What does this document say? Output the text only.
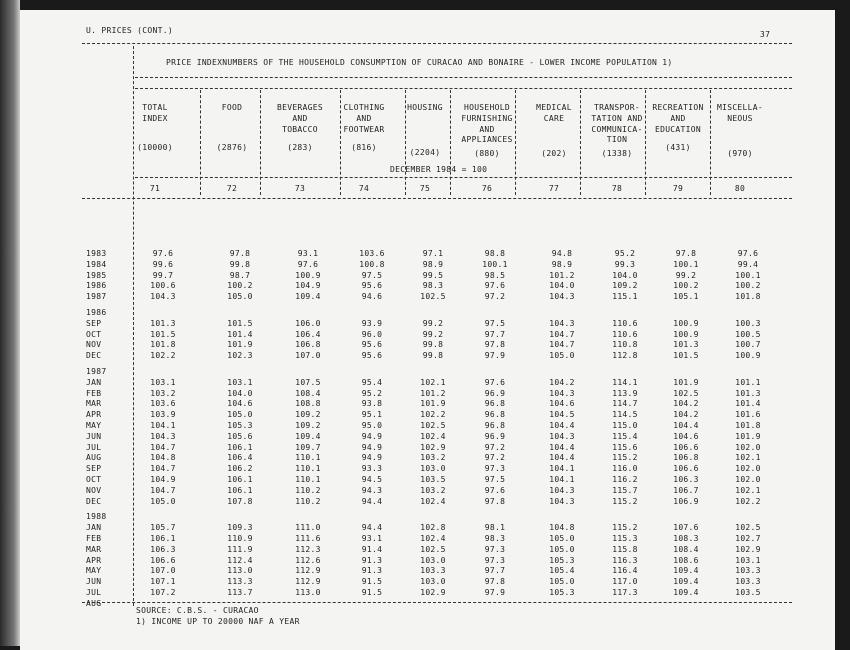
U. PRICES (CONT.)	37
PRICE INDEXNUMBERS OF THE HOUSEHOLD CONSUMPTION OF CURACAO AND BONAIRE - LOWER INCOME POPULATION 1)
DECEMBER 1984 = 100
TOTAL
INDEX
(10000)
71
FOOD
(2876)
72
BEVERAGES
AND
TOBACCO
(283)
73
CLOTHING
AND
FOOTWEAR
(816)
74
HOUSING
(2204)
75
HOUSEHOLD
FURNISHING
AND
APPLIANCES
(880)
76
MEDICAL
CARE
(202)
77
TRANSPOR-
TATION AND
COMMUNICA-
TION
(1338)
78
RECREATION
AND
EDUCATION
(431)
79
MISCELLA-
NEOUS
(970)
80
1983	97.6	97.8	93.1	103.6	97.1	98.8	94.8	95.2	97.8	97.6
1984	99.6	99.8	97.6	100.8	98.9	100.1	98.9	99.3	100.1	99.4
1985	99.7	98.7	100.9	97.5	99.5	98.5	101.2	104.0	99.2	100.1
1986	100.6	100.2	104.9	95.6	98.3	97.6	104.0	109.2	100.2	100.2
1987	104.3	105.0	109.4	94.6	102.5	97.2	104.3	115.1	105.1	101.8
1986
SEP	101.3	101.5	106.0	93.9	99.2	97.5	104.3	110.6	100.9	100.3
OCT	101.5	101.4	106.4	96.0	99.2	97.7	104.7	110.6	100.9	100.5
NOV	101.8	101.9	106.8	95.6	99.8	97.8	104.7	110.8	101.3	100.7
DEC	102.2	102.3	107.0	95.6	99.8	97.9	105.0	112.8	101.5	100.9
1987
JAN	103.1	103.1	107.5	95.4	102.1	97.6	104.2	114.1	101.9	101.1
FEB	103.2	104.0	108.4	95.2	101.2	96.9	104.3	113.9	102.5	101.3
MAR	103.6	104.6	108.8	93.8	101.9	96.8	104.6	114.7	104.2	101.4
APR	103.9	105.0	109.2	95.1	102.2	96.8	104.5	114.5	104.2	101.6
MAY	104.1	105.3	109.2	95.0	102.5	96.8	104.4	115.0	104.4	101.8
JUN	104.3	105.6	109.4	94.9	102.4	96.9	104.3	115.4	104.6	101.9
JUL	104.7	106.1	109.7	94.9	102.9	97.2	104.4	115.6	106.6	102.0
AUG	104.8	106.4	110.1	94.9	103.2	97.2	104.4	115.2	106.8	102.1
SEP	104.7	106.2	110.1	93.3	103.0	97.3	104.1	116.0	106.6	102.0
OCT	104.9	106.1	110.1	94.5	103.5	97.5	104.1	116.2	106.3	102.0
NOV	104.7	106.1	110.2	94.3	103.2	97.6	104.3	115.7	106.7	102.1
DEC	105.0	107.8	110.2	94.4	102.4	97.8	104.3	115.2	106.9	102.2
1988
JAN	105.7	109.3	111.0	94.4	102.8	98.1	104.8	115.2	107.6	102.5
FEB	106.1	110.9	111.6	93.1	102.4	98.3	105.0	115.3	108.3	102.7
MAR	106.3	111.9	112.3	91.4	102.5	97.3	105.0	115.8	108.4	102.9
APR	106.6	112.4	112.6	91.3	103.0	97.3	105.3	116.3	108.6	103.1
MAY	107.0	113.0	112.9	91.3	103.3	97.7	105.4	116.4	109.4	103.3
JUN	107.1	113.3	112.9	91.5	103.0	97.8	105.0	117.0	109.4	103.3
JUL	107.2	113.7	113.0	91.5	102.9	97.9	105.3	117.3	109.4	103.5
AUG
SOURCE: C.B.S. - CURACAO
1) INCOME UP TO 20000 NAF A YEAR
